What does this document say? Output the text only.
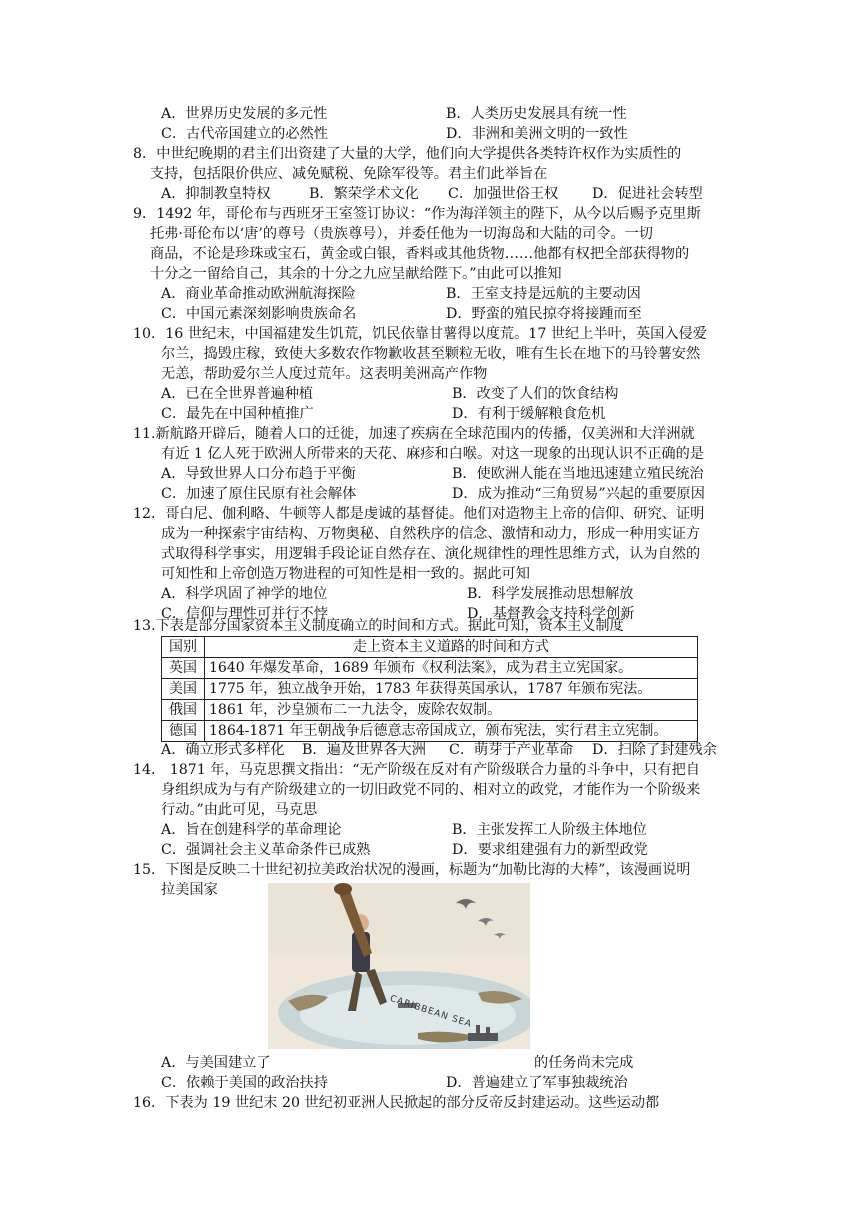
A．世界历史发展的多元性	B．人类历史发展具有统一性
C．古代帝国建立的必然性	D．非洲和美洲文明的一致性
8．中世纪晚期的君主们出资建了大量的大学，他们向大学提供各类特许权作为实质性的
支持，包括限价供应、减免赋税、免除军役等。君主们此举旨在
A．抑制教皇特权	B．繁荣学术文化 C．加强世俗王权 D．促进社会转型
9．1492 年，哥伦布与西班牙王室签订协议：“作为海洋领主的陛下，从今以后赐予克里斯
托弗·哥伦布以‘唐’的尊号（贵族尊号），并委任他为一切海岛和大陆的司令。一切
商品，不论是珍珠或宝石，黄金或白银，香料或其他货物……他都有权把全部获得物的
十分之一留给自己，其余的十分之九应呈献给陛下。”由此可以推知
A．商业革命推动欧洲航海探险	B．王室支持是远航的主要动因
C．中国元素深刻影响贵族命名	D．野蛮的殖民掠夺将接踵而至
10．16 世纪末，中国福建发生饥荒，饥民依靠甘薯得以度荒。17 世纪上半叶，英国入侵爱
尔兰，捣毁庄稼，致使大多数农作物歉收甚至颗粒无收，唯有生长在地下的马铃薯安然
无恙，帮助爱尔兰人度过荒年。这表明美洲高产作物
A．已在全世界普遍种植	B．改变了人们的饮食结构
C．最先在中国种植推广	D．有利于缓解粮食危机
11.新航路开辟后，随着人口的迁徙，加速了疾病在全球范围内的传播，仅美洲和大洋洲就
有近 1 亿人死于欧洲人所带来的天花、麻疹和白喉。对这一现象的出现认识不正确的是
A．导致世界人口分布趋于平衡	B．使欧洲人能在当地迅速建立殖民统治
C．加速了原住民原有社会解体	D．成为推动“三角贸易”兴起的重要原因
12．哥白尼、伽利略、牛顿等人都是虔诚的基督徒。他们对造物主上帝的信仰、研究、证明
成为一种探索宇宙结构、万物奥秘、自然秩序的信念、激情和动力，形成一种用实证方
式取得科学事实，用逻辑手段论证自然存在、演化规律性的理性思维方式，认为自然的
可知性和上帝创造万物进程的可知性是相一致的。据此可知
A．科学巩固了神学的地位	B．科学发展推动思想解放
C．信仰与理性可并行不悖	D．基督教会支持科学创新
13.下表是部分国家资本主义制度确立的时间和方式。据此可知，资本主义制度
国别	走上资本主义道路的时间和方式
英国	1640 年爆发革命，1689 年颁布《权利法案》，成为君主立宪国家。
美国	1775 年，独立战争开始，1783 年获得英国承认，1787 年颁布宪法。
俄国	1861 年，沙皇颁布二一九法令，废除农奴制。
德国	1864-1871 年王朝战争后德意志帝国成立，颁布宪法，实行君主立宪制。
A．确立形式多样化 B．遍及世界各大洲 C．萌芽于产业革命 D．扫除了封建残余
14． 1871 年，马克思撰文指出：“无产阶级在反对有产阶级联合力量的斗争中，只有把自
身组织成为与有产阶级建立的一切旧政党不同的、相对立的政党，才能作为一个阶级来
行动。”由此可见，马克思
A．旨在创建科学的革命理论	B．主张发挥工人阶级主体地位
C．强调社会主义革命条件已成熟	D．要求组建强有力的新型政党
15．下图是反映二十世纪初拉美政治状况的漫画，标题为“加勒比海的大棒”，该漫画说明
拉美国家
CARIBBEAN SEA
A．与美国建立了	的任务尚未完成
C．依赖于美国的政治扶持	D．普遍建立了军事独裁统治
16．下表为 19 世纪末 20 世纪初亚洲人民掀起的部分反帝反封建运动。这些运动都
